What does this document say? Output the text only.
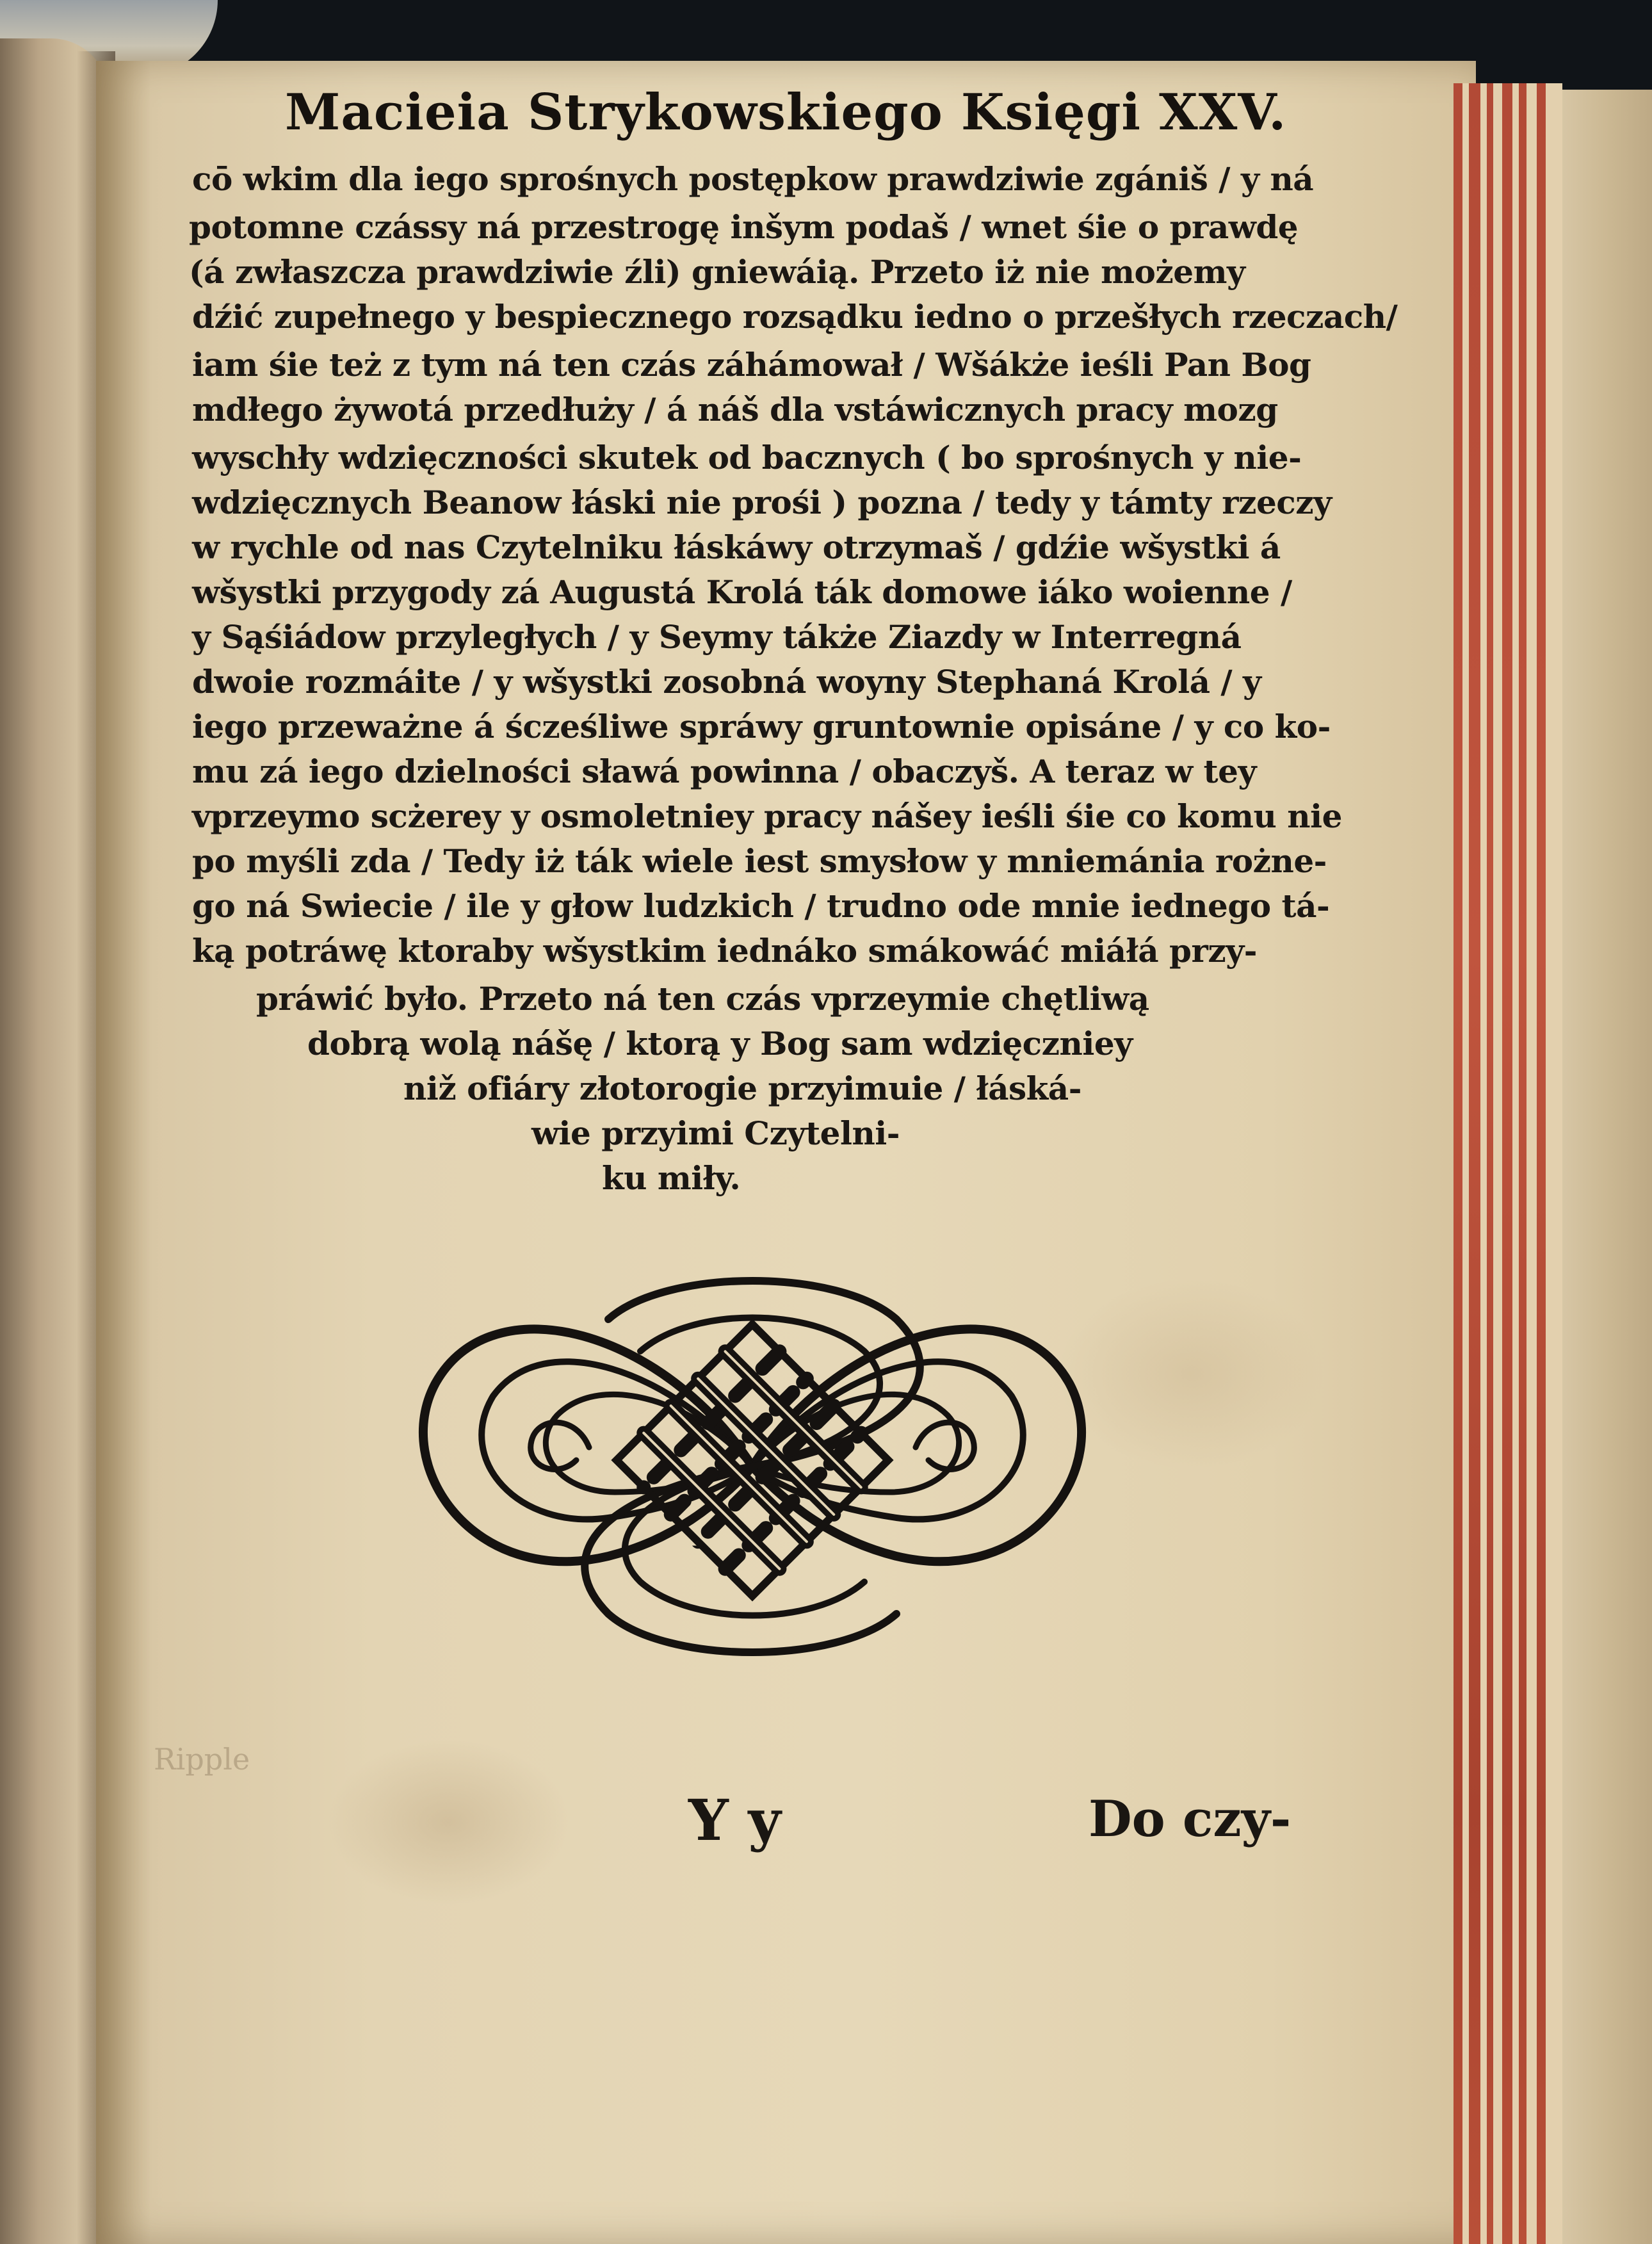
Macieia Strykowskiego Księgi XXV.
cō wkim dla iego sprośnych postępkow prawdziwie zgániš / y ná
potomne czássy ná przestrogę inšym podaš / wnet śie o prawdę
(á zwłaszcza prawdziwie źli) gniewáią. Przeto iż nie możemy
dźić zupełnego y bespiecznego rozsądku iedno o przešłych rzeczach/
iam śie też z tym ná ten czás záhámował / Wšákże ieśli Pan Bog
mdłego żywotá przedłuży / á náš dla vstáwicznych pracy mozg
wyschły wdzięczności skutek od bacznych ( bo sprośnych y nie-
wdzięcznych Beanow łáski nie prośi ) pozna / tedy y támty rzeczy
w rychle od nas Czytelniku łáskáwy otrzymaš / gdźie wšystki á
wšystki przygody zá Augustá Krolá ták domowe iáko woienne /
y Sąśiádow przyległych / y Seymy tákże Ziazdy w Interregná
dwoie rozmáite / y wšystki zosobná woyny Stephaná Krolá / y
iego przeważne á ścześliwe spráwy gruntownie opisáne / y co ko-
mu zá iego dzielności sławá powinna / obaczyš. A teraz w tey
vprzeymo scżerey y osmoletniey pracy nášey ieśli śie co komu nie
po myśli zda / Tedy iż ták wiele iest smysłow y mniemánia rożne-
go ná Swiecie / ile y głow ludzkich / trudno ode mnie iednego tá-
ką potráwę ktoraby wšystkim iednáko smákowáć miáłá przy-
práwić było. Przeto ná ten czás vprzeymie chętliwą
dobrą wolą nášę / ktorą y Bog sam wdzięczniey
niž ofiáry złotorogie przyimuie / łáská-
wie przyimi Czytelni-
ku miły.
Ripple
Y y	Do czy-
